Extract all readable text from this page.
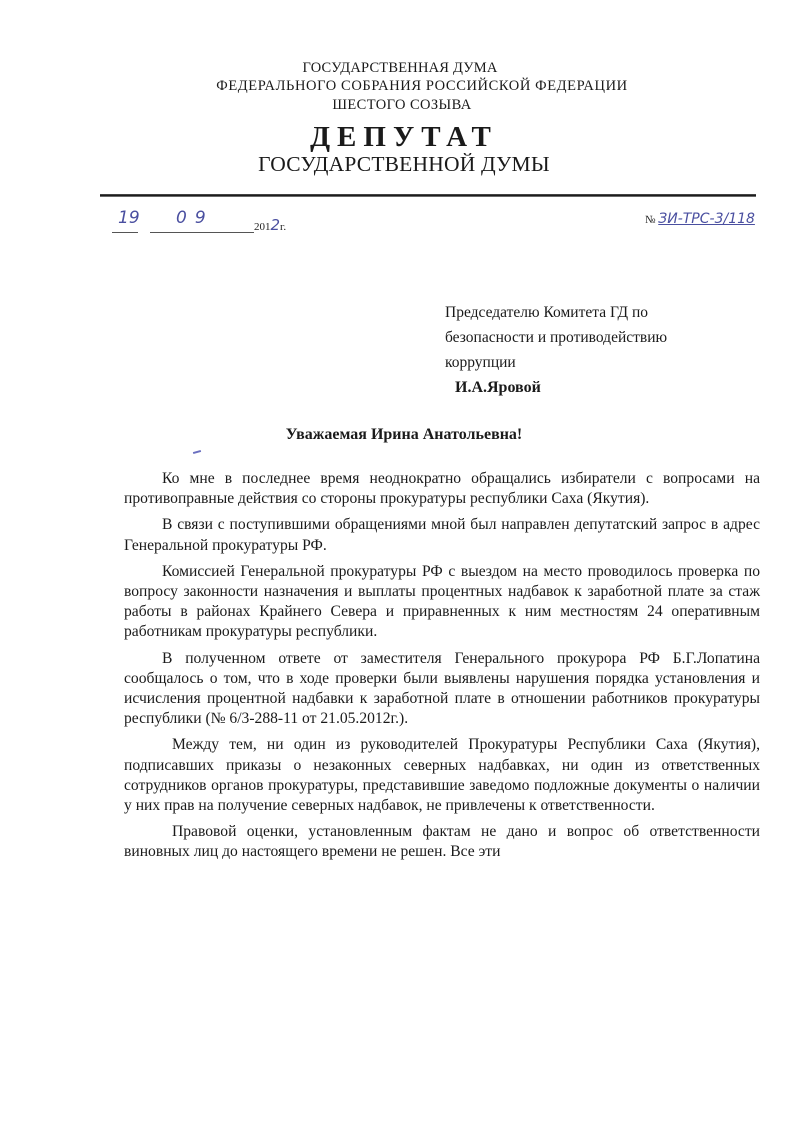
ГОСУДАРСТВЕННАЯ ДУМА
ФЕДЕРАЛЬНОГО СОБРАНИЯ РОССИЙСКОЙ ФЕДЕРАЦИИ
ШЕСТОГО СОЗЫВА
ДЕПУТАТ
ГОСУДАРСТВЕННОЙ ДУМЫ
19 09	2012г.
№ ЗИ-ТРС-3/118
Председателю Комитета ГД по
безопасности и противодействию
коррупции
И.А.Яровой
Уважаемая Ирина Анатольевна!

Ко мне в последнее время неоднократно обращались избиратели с вопросами на противоправные действия со стороны прокуратуры республики Саха (Якутия).

В связи с поступившими обращениями мной был направлен депутатский запрос в адрес Генеральной прокуратуры РФ.

Комиссией Генеральной прокуратуры РФ с выездом на место проводилось проверка по вопросу законности назначения и выплаты процентных надбавок к заработной плате за стаж работы в районах Крайнего Севера и приравненных к ним местностям 24 оперативным работникам прокуратуры республики.

В полученном ответе от заместителя Генерального прокурора РФ Б.Г.Лопатина сообщалось о том, что в ходе проверки были выявлены нарушения порядка установления и исчисления процентной надбавки к заработной плате в отношении работников прокуратуры республики (№ 6/3-288-11 от 21.05.2012г.).

Между тем, ни один из руководителей Прокуратуры Республики Саха (Якутия), подписавших приказы о незаконных северных надбавках, ни один из ответственных сотрудников органов прокуратуры, представившие заведомо подложные документы о наличии у них прав на получение северных надбавок, не привлечены к ответственности.

Правовой оценки, установленным фактам не дано и вопрос об ответственности виновных лиц до настоящего времени не решен. Все эти
